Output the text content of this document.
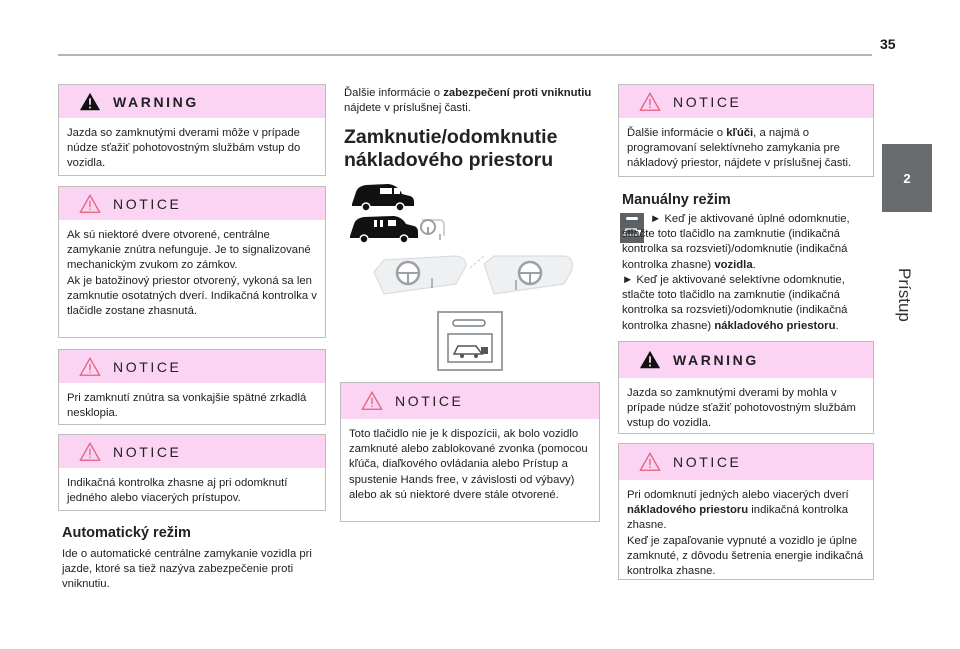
35
2
Prístup
WARNING

Jazda so zamknutými dverami môže v prípade núdze sťažiť pohotovostným službám vstup do vozidla.

NOTICE

Ak sú niektoré dvere otvorené, centrálne zamykanie znútra nefunguje. Je to signalizované mechanickým zvukom zo zámkov.

Ak je batožinový priestor otvorený, vykoná sa len zamknutie osotatných dverí. Indikačná kontrolka v tlačidle zostane zhasnutá.

NOTICE

Pri zamknutí znútra sa vonkajšie spätné zrkadlá nesklopia.

NOTICE

Indikačná kontrolka zhasne aj pri odomknutí jedného alebo viacerých prístupov.

Automatický režim
Ide o automatické centrálne zamykanie vozidla pri jazde, ktoré sa tiež nazýva zabezpečenie proti vniknutiu.
Ďalšie informácie o zabezpečení proti vniknutiu nájdete v príslušnej časti.
Zamknutie/odomknutie
nákladového priestoru
NOTICE

Toto tlačidlo nie je k dispozícii, ak bolo vozidlo zamknuté alebo zablokované zvonka (pomocou kľúča, diaľkového ovládania alebo Prístup a spustenie Hands free, v závislosti od výbavy) alebo ak sú niektoré dvere stále otvorené.

NOTICE

Ďalšie informácie o kľúči, a najmä o programovaní selektívneho zamykania pre nákladový priestor, nájdete v príslušnej časti.

Manuálny režim
► Keď je aktivované úplné odomknutie, stlačte toto tlačidlo na zamknutie (indikačná kontrolka sa rozsvieti)/odomknutie (indikačná kontrolka zhasne) vozidla.
► Keď je aktivované selektívne odomknutie, stlačte toto tlačidlo na zamknutie (indikačná kontrolka sa rozsvieti)/odomknutie (indikačná kontrolka zhasne) nákladového priestoru.
WARNING

Jazda so zamknutými dverami by mohla v prípade núdze sťažiť pohotovostným službám vstup do vozidla.

NOTICE

Pri odomknutí jedných alebo viacerých dverí nákladového priestoru indikačná kontrolka zhasne.

Keď je zapaľovanie vypnuté a vozidlo je úplne zamknuté, z dôvodu šetrenia energie indikačná kontrolka zhasne.
